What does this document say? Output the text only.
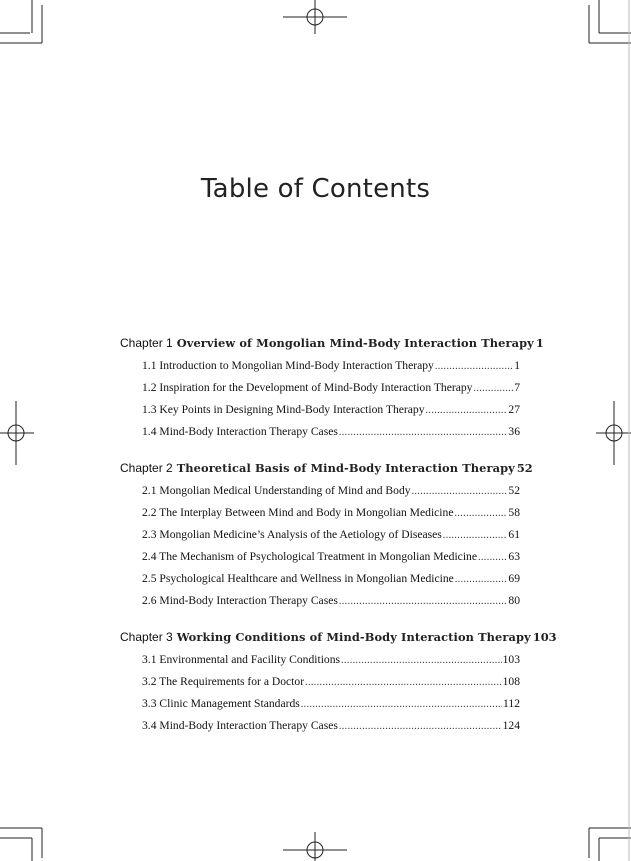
Table of Contents
Chapter 1 Overview of Mongolian Mind-Body Interaction Therapy 1
1.1 Introduction to Mongolian Mind-Body Interaction Therapy .....	1
1.2 Inspiration for the Development of Mind-Body Interaction Therapy .....	7
1.3 Key Points in Designing Mind-Body Interaction Therapy .....	27
1.4 Mind-Body Interaction Therapy Cases .....	36
Chapter 2 Theoretical Basis of Mind-Body Interaction Therapy 52
2.1 Mongolian Medical Understanding of Mind and Body .....	52
2.2 The Interplay Between Mind and Body in Mongolian Medicine .....	58
2.3 Mongolian Medicine’s Analysis of the Aetiology of Diseases .....	61
2.4 The Mechanism of Psychological Treatment in Mongolian Medicine .....	63
2.5 Psychological Healthcare and Wellness in Mongolian Medicine .....	69
2.6 Mind-Body Interaction Therapy Cases .....	80
Chapter 3 Working Conditions of Mind-Body Interaction Therapy 103
3.1 Environmental and Facility Conditions .....	103
3.2 The Requirements for a Doctor .....	108
3.3 Clinic Management Standards .....	112
3.4 Mind-Body Interaction Therapy Cases .....	124
